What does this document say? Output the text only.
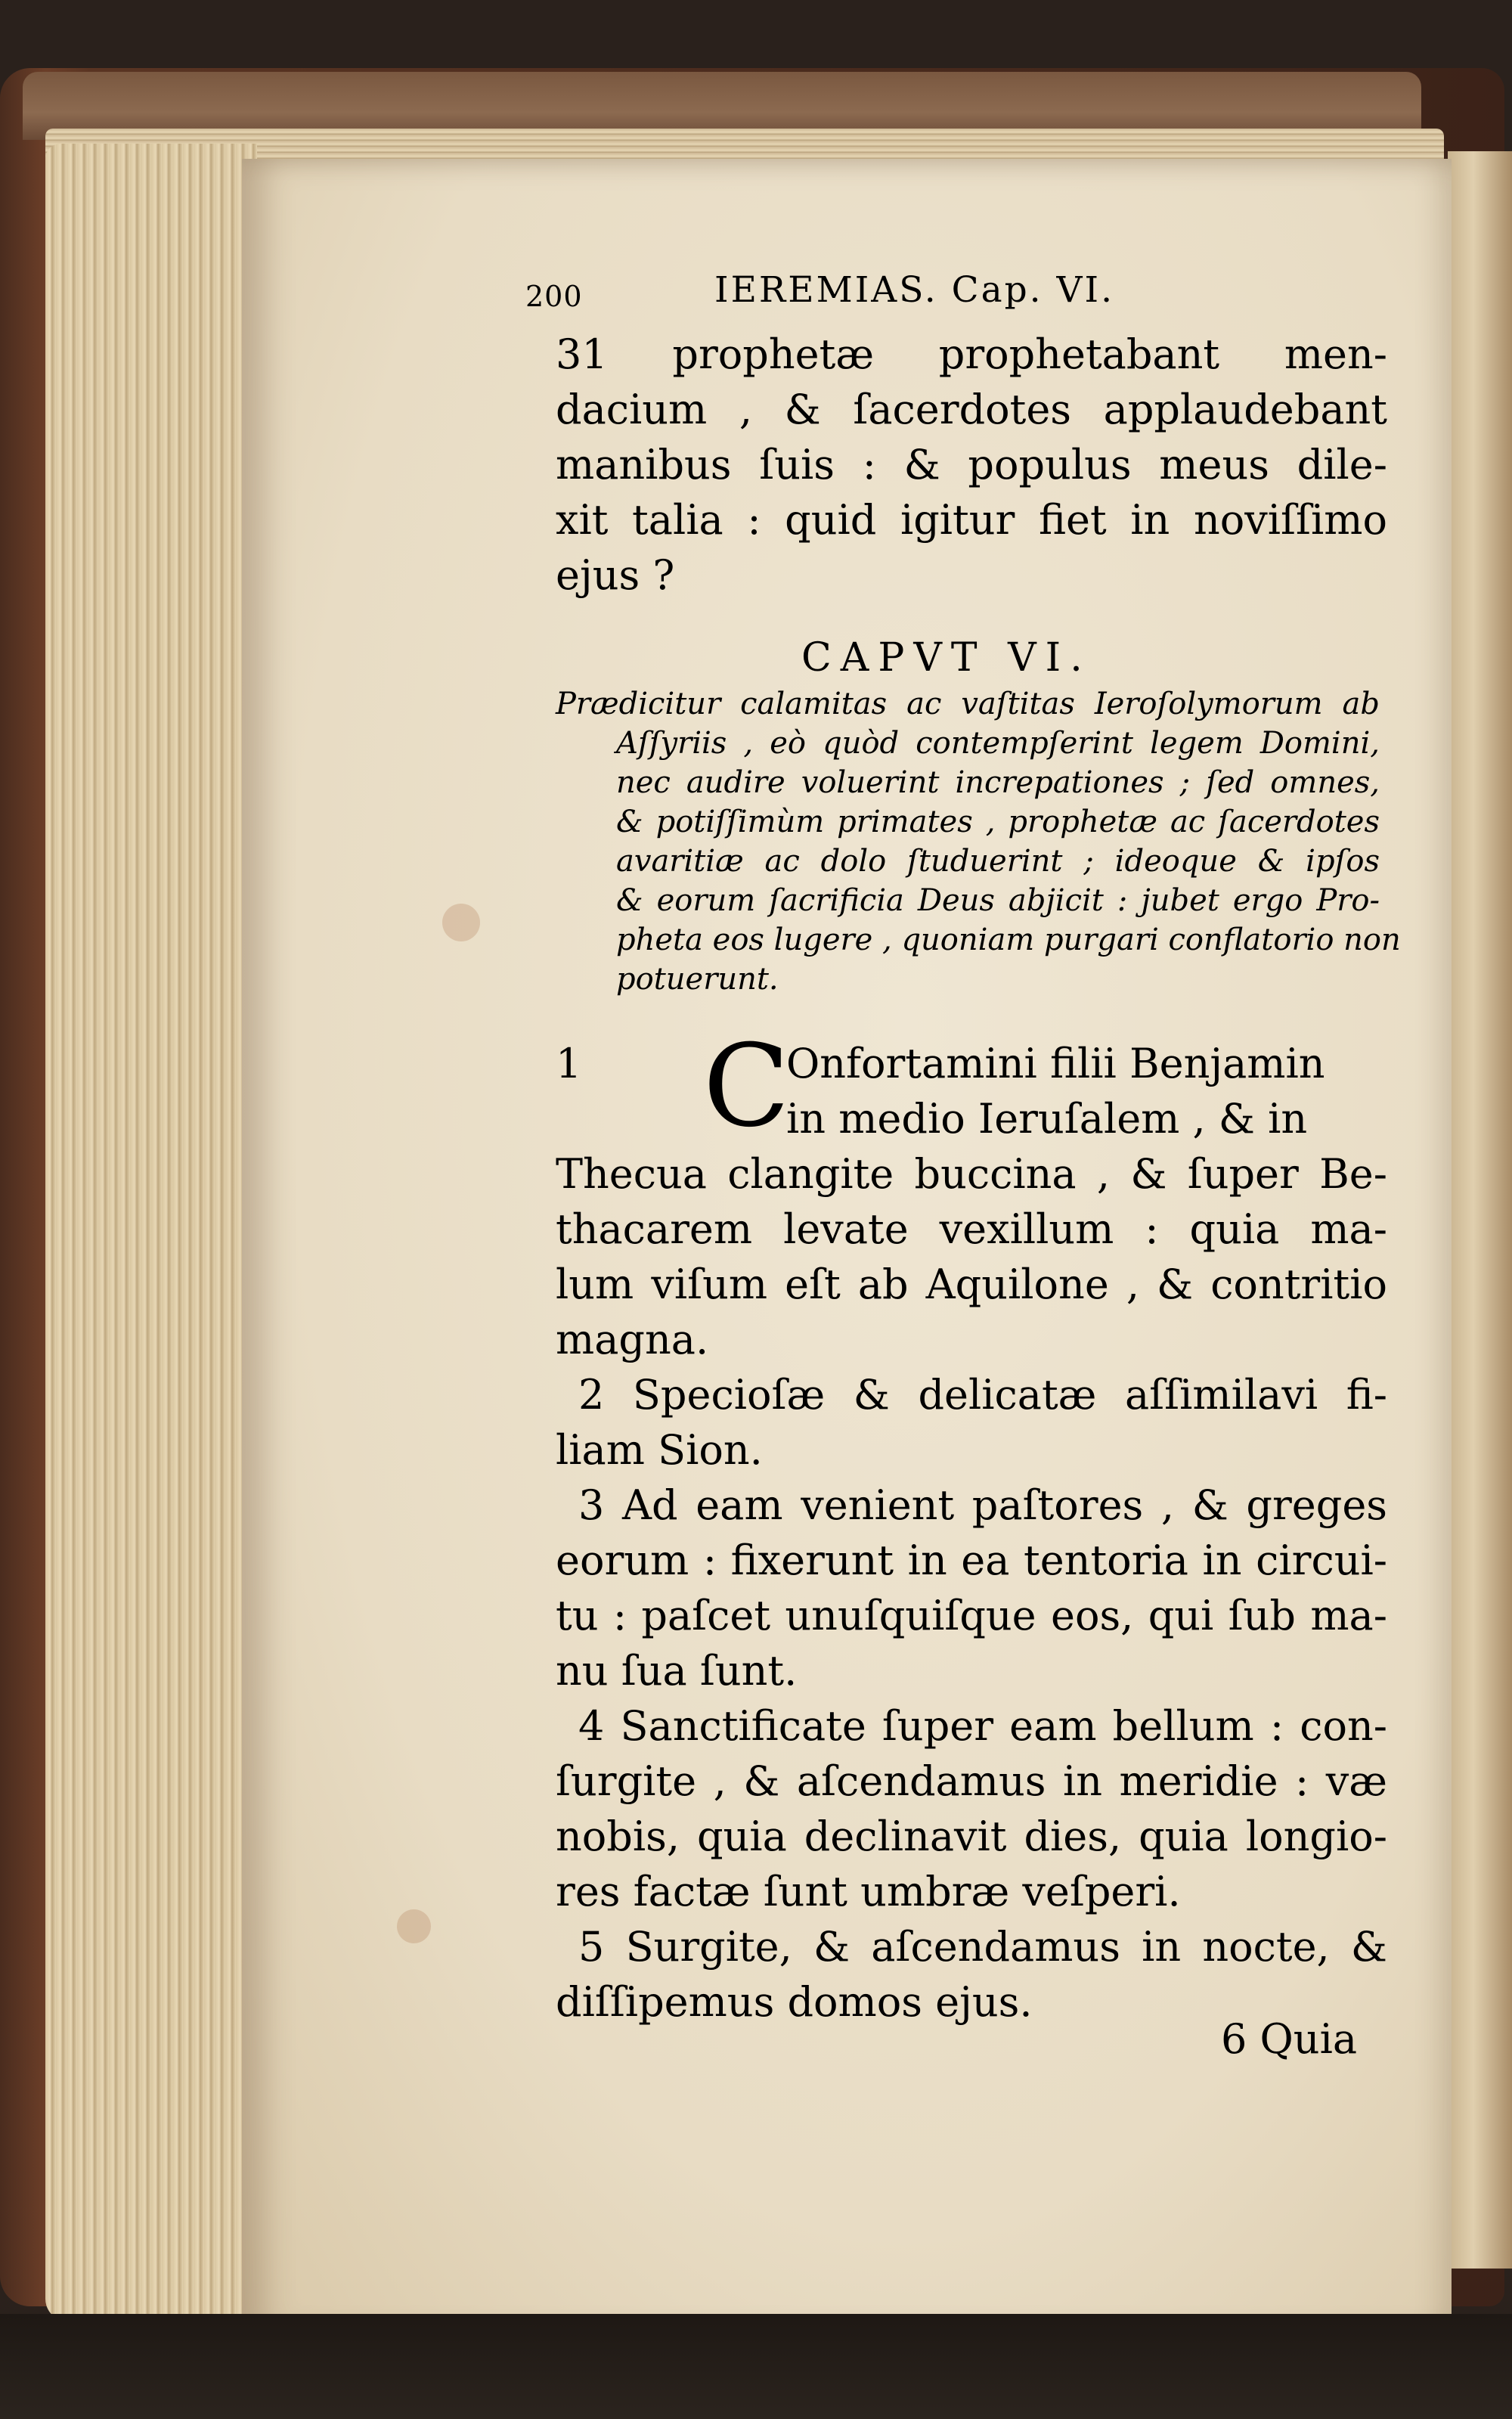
200	IEREMIAS. Cap. VI.
31 prophetæ prophetabant men-
dacium , & ſacerdotes applaudebant
manibus ſuis : & populus meus dile-
xit talia : quid igitur fiet in noviſſimo
ejus ?
CAPVT VI.
Prædicitur calamitas ac vaſtitas Ieroſolymorum ab
Aſſyriis , eò quòd contempſerint legem Domini,
nec audire voluerint increpationes ; ſed omnes,
& potiſſimùm primates , prophetæ ac ſacerdotes
avaritiæ ac dolo ſtuduerint ; ideoque & ipſos
& eorum ſacrificia Deus abjicit : jubet ergo Pro-
pheta eos lugere , quoniam purgari conflatorio non
potuerunt.
C
1	Onfortamini filii Benjamin
in medio Ieruſalem , & in
Thecua clangite buccina , & ſuper Be-
thacarem levate vexillum : quia ma-
lum viſum eſt ab Aquilone , & contritio
magna.
2 Specioſæ & delicatæ aſſimilavi fi-
liam Sion.
3 Ad eam venient paſtores , & greges
eorum : fixerunt in ea tentoria in circui-
tu : paſcet unuſquiſque eos, qui ſub ma-
nu ſua ſunt.
4 Sanctificate ſuper eam bellum : con-
ſurgite , & aſcendamus in meridie : væ
nobis, quia declinavit dies, quia longio-
res factæ ſunt umbræ veſperi.
5 Surgite, & aſcendamus in nocte, &
diſſipemus domos ejus.
6 Quia
